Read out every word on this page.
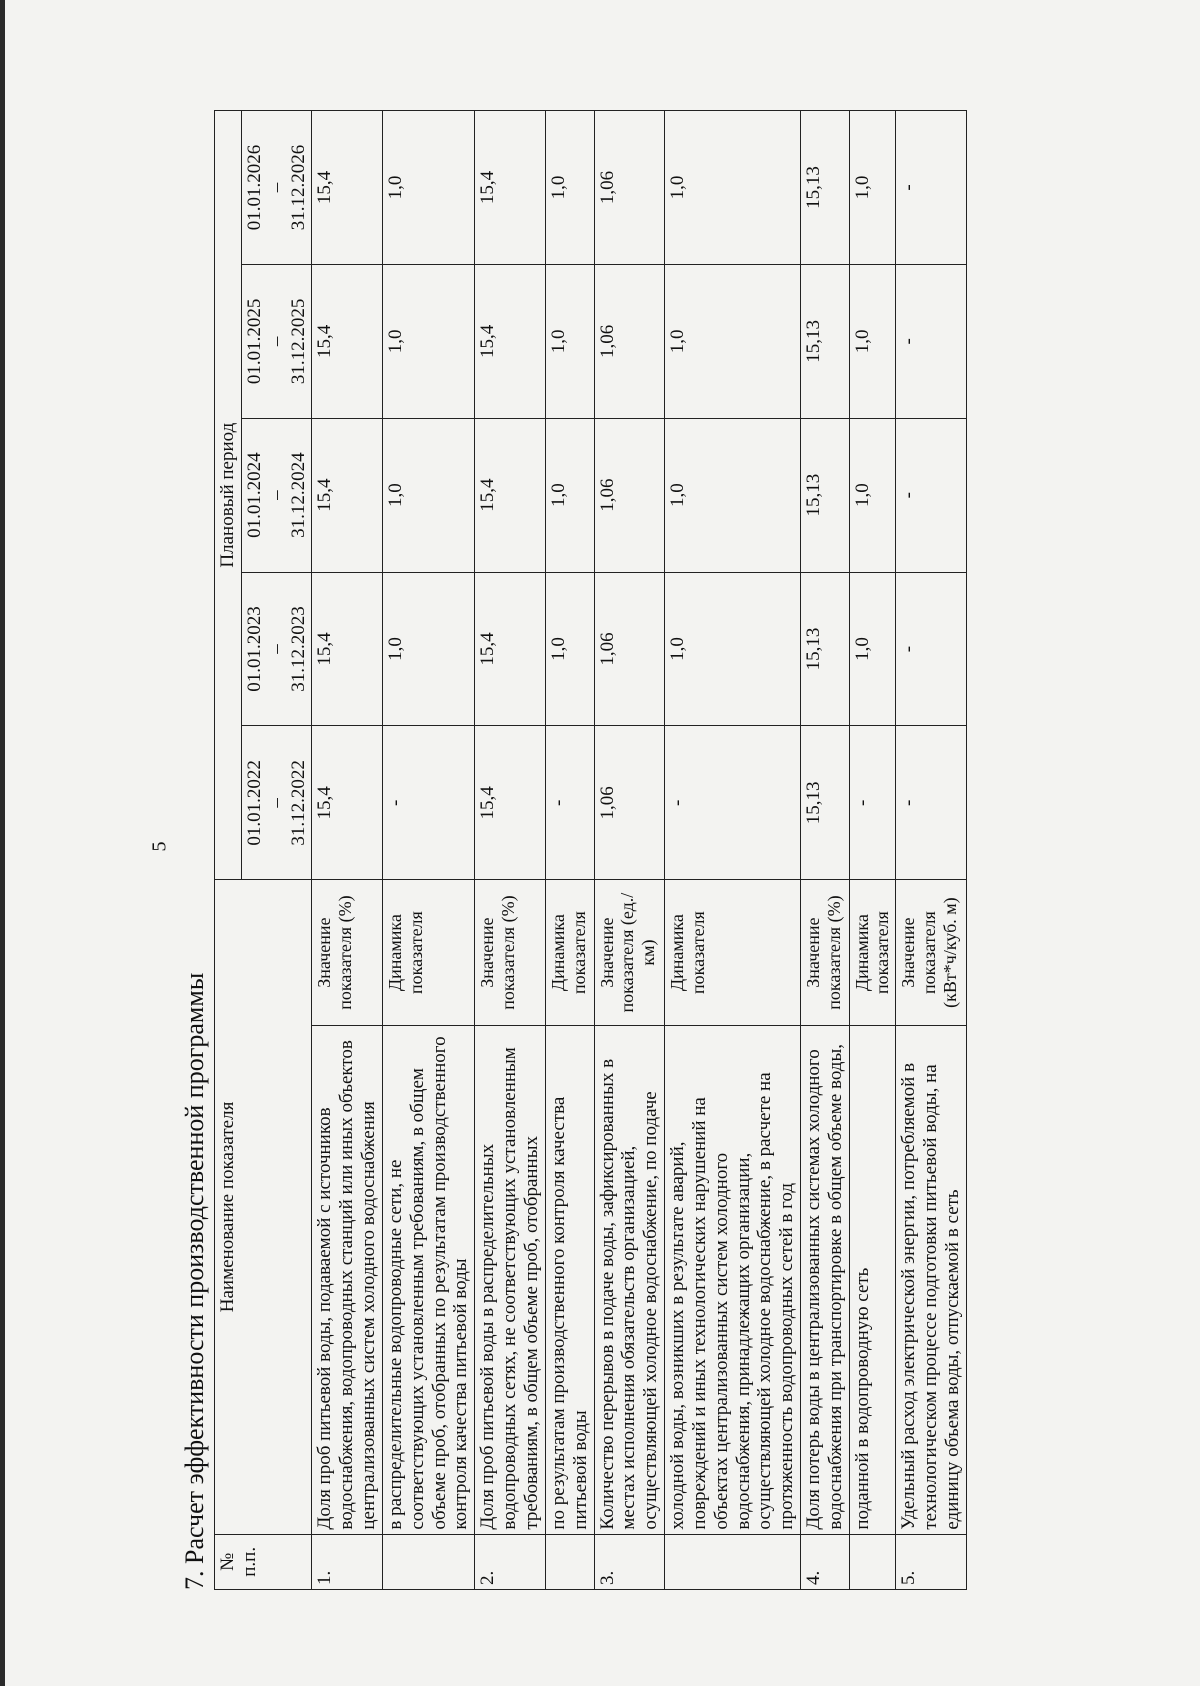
5
7. Расчет эффективности производственной программы № п.п.	Наименование показателя		Плановый период				

			01.01.2022 – 31.12.2022	01.01.2023 – 31.12.2023	01.01.2024 – 31.12.2024	01.01.2025 – 31.12.2025	01.01.2026 – 31.12.2026

1.	Доля проб питьевой воды, подаваемой с источников водоснабжения, водопроводных станций или иных объектов централизованных систем холодного водоснабжения	Значение показателя (%)	15,4	15,4	15,4	15,4	15,4
	в распределительные водопроводные сети, не соответствующих установленным требованиям, в общем объеме проб, отобранных по результатам производственного контроля качества питьевой воды	Динамика показателя	-	1,0	1,0	1,0	1,0
2.	Доля проб питьевой воды в распределительных водопроводных сетях, не соответствующих установленным требованиям, в общем объеме проб, отобранных	Значение показателя (%)	15,4	15,4	15,4	15,4	15,4
	по результатам производственного контроля качества питьевой воды	Динамика показателя	-	1,0	1,0	1,0	1,0
3.	Количество перерывов в подаче воды, зафиксированных в местах исполнения обязательств организацией, осуществляющей холодное водоснабжение, по подаче	Значение показателя (ед./км)	1,06	1,06	1,06	1,06	1,06
	холодной воды, возникших в результате аварий, повреждений и иных технологических нарушений на объектах централизованных систем холодного водоснабжения, принадлежащих организации, осуществляющей холодное водоснабжение, в расчете на протяженность водопроводных сетей в год	Динамика показателя	-	1,0	1,0	1,0	1,0
4.	Доля потерь воды в централизованных системах холодного водоснабжения при транспортировке в общем объеме воды,	Значение показателя (%)	15,13	15,13	15,13	15,13	15,13
	поданной в водопроводную сеть	Динамика показателя	-	1,0	1,0	1,0	1,0
5.	Удельный расход электрической энергии, потребляемой в технологическом процессе подготовки питьевой воды, на единицу объема воды, отпускаемой в сеть	Значение показателя (кВт*ч/куб. м)	-	-	-	-	-
